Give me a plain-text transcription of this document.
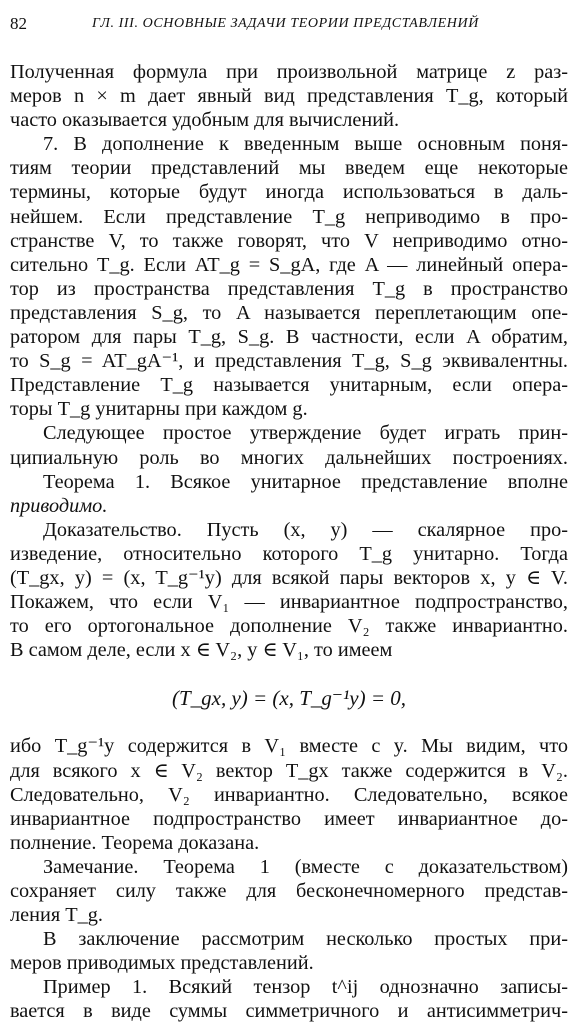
82	ГЛ. III. ОСНОВНЫЕ ЗАДАЧИ ТЕОРИИ ПРЕДСТАВЛЕНИЙ
Полученная формула при произвольной матрице z раз-
меров n × m дает явный вид представления T_g, который
часто оказывается удобным для вычислений.
7. В дополнение к введенным выше основным поня-
тиям теории представлений мы введем еще некоторые
термины, которые будут иногда использоваться в даль-
нейшем. Если представление T_g неприводимо в про-
странстве V, то также говорят, что V неприводимо отно-
сительно T_g. Если AT_g = S_gA, где A — линейный опера-
тор из пространства представления T_g в пространство
представления S_g, то A называется переплетающим опе-
ратором для пары T_g, S_g. В частности, если A обратим,
то S_g = AT_gA⁻¹, и представления T_g, S_g эквивалентны.
Представление T_g называется унитарным, если опера-
торы T_g унитарны при каждом g.
Следующее простое утверждение будет играть прин-
ципиальную роль во многих дальнейших построениях.
Теорема 1. Всякое унитарное представление вполне
приводимо.
Доказательство. Пусть (x, y) — скалярное про-
изведение, относительно которого T_g унитарно. Тогда
(T_gx, y) = (x, T_g⁻¹y) для всякой пары векторов x, y ∈ V.
Покажем, что если V₁ — инвариантное подпространство,
то его ортогональное дополнение V₂ также инвариантно.
В самом деле, если x ∈ V₂, y ∈ V₁, то имеем
(T_gx, y) = (x, T_g⁻¹y) = 0,
ибо T_g⁻¹y содержится в V₁ вместе с y. Мы видим, что
для всякого x ∈ V₂ вектор T_gx также содержится в V₂.
Следовательно, V₂ инвариантно. Следовательно, всякое
инвариантное подпространство имеет инвариантное до-
полнение. Теорема доказана.
Замечание. Теорема 1 (вместе с доказательством)
сохраняет силу также для бесконечномерного представ-
ления T_g.
В заключение рассмотрим несколько простых при-
меров приводимых представлений.
Пример 1. Всякий тензор t^ij однозначно записы-
вается в виде суммы симметричного и антисимметрич-
